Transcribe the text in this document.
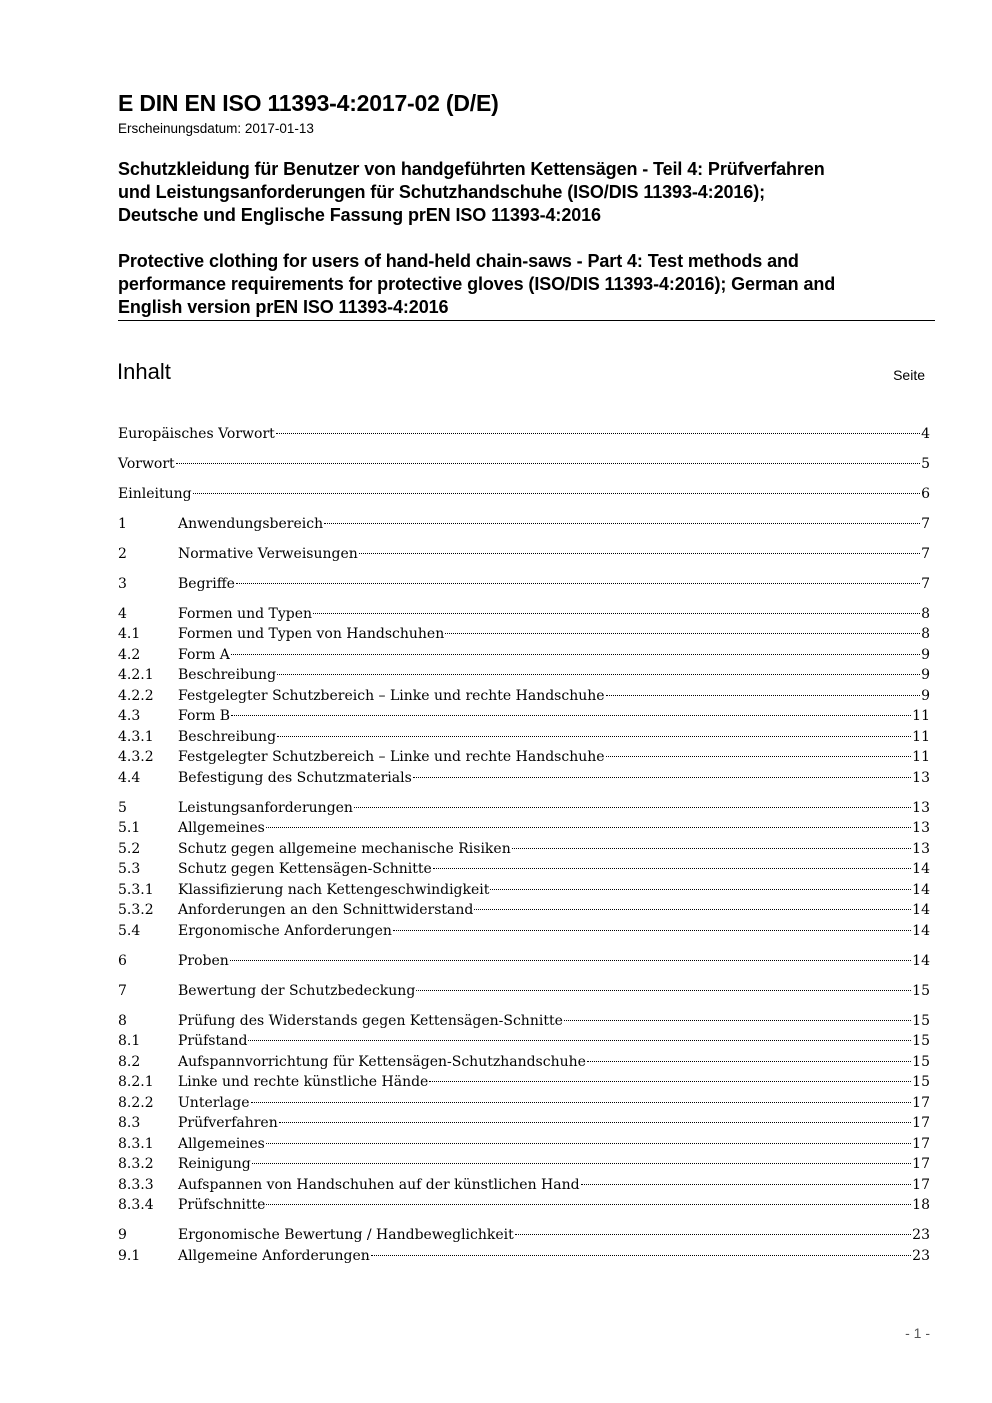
E DIN EN ISO 11393-4:2017-02 (D/E)
Erscheinungsdatum: 2017-01-13
Schutzkleidung für Benutzer von handgeführten Kettensägen - Teil 4: Prüfverfahren
und Leistungsanforderungen für Schutzhandschuhe (ISO/DIS 11393-4:2016);
Deutsche und Englische Fassung prEN ISO 11393-4:2016
Protective clothing for users of hand-held chain-saws - Part 4: Test methods and
performance requirements for protective gloves (ISO/DIS 11393-4:2016); German and
English version prEN ISO 11393-4:2016
Inhalt	Seite
Europäisches Vorwort	4
Vorwort	5
Einleitung	6
1	Anwendungsbereich	7
2	Normative Verweisungen	7
3	Begriffe	7
4	Formen und Typen	8
4.1	Formen und Typen von Handschuhen	8
4.2	Form A	9
4.2.1	Beschreibung	9
4.2.2	Festgelegter Schutzbereich – Linke und rechte Handschuhe	9
4.3	Form B	11
4.3.1	Beschreibung	11
4.3.2	Festgelegter Schutzbereich – Linke und rechte Handschuhe	11
4.4	Befestigung des Schutzmaterials	13
5	Leistungsanforderungen	13
5.1	Allgemeines	13
5.2	Schutz gegen allgemeine mechanische Risiken	13
5.3	Schutz gegen Kettensägen-Schnitte	14
5.3.1	Klassifizierung nach Kettengeschwindigkeit	14
5.3.2	Anforderungen an den Schnittwiderstand	14
5.4	Ergonomische Anforderungen	14
6	Proben	14
7	Bewertung der Schutzbedeckung	15
8	Prüfung des Widerstands gegen Kettensägen-Schnitte	15
8.1	Prüfstand	15
8.2	Aufspannvorrichtung für Kettensägen-Schutzhandschuhe	15
8.2.1	Linke und rechte künstliche Hände	15
8.2.2	Unterlage	17
8.3	Prüfverfahren	17
8.3.1	Allgemeines	17
8.3.2	Reinigung	17
8.3.3	Aufspannen von Handschuhen auf der künstlichen Hand	17
8.3.4	Prüfschnitte	18
9	Ergonomische Bewertung / Handbeweglichkeit	23
9.1	Allgemeine Anforderungen	23
- 1 -
